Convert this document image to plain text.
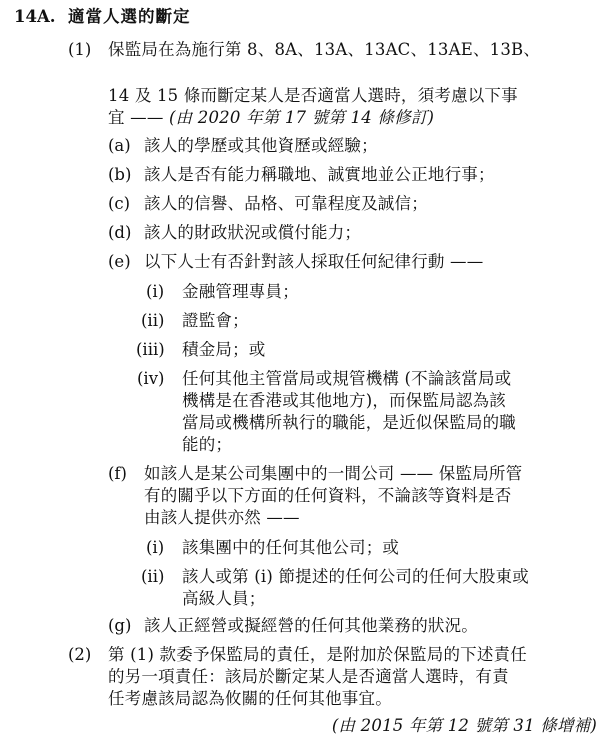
14A. 適當人選的斷定
(1) 保監局在為施行第 8、8A、13A、13AC、13AE、13B、
14 及 15 條而斷定某人是否適當人選時，須考慮以下事
宜 —— (由 2020 年第 17 號第 14 條修訂)
(a) 該人的學歷或其他資歷或經驗；
(b) 該人是否有能力稱職地、誠實地並公正地行事；
(c) 該人的信譽、品格、可靠程度及誠信；
(d) 該人的財政狀況或償付能力；
(e) 以下人士有否針對該人採取任何紀律行動 ——
(i) 金融管理專員；
(ii) 證監會；
(iii) 積金局；或
(iv) 任何其他主管當局或規管機構 (不論該當局或
機構是在香港或其他地方)，而保監局認為該
當局或機構所執行的職能，是近似保監局的職
能的；
(f) 如該人是某公司集團中的一間公司 —— 保監局所管
有的關乎以下方面的任何資料，不論該等資料是否
由該人提供亦然 ——
(i) 該集團中的任何其他公司；或
(ii) 該人或第 (i) 節提述的任何公司的任何大股東或
高級人員；
(g) 該人正經營或擬經營的任何其他業務的狀況。
(2) 第 (1) 款委予保監局的責任，是附加於保監局的下述責任
的另一項責任：該局於斷定某人是否適當人選時，有責
任考慮該局認為攸關的任何其他事宜。
(由 2015 年第 12 號第 31 條增補)
